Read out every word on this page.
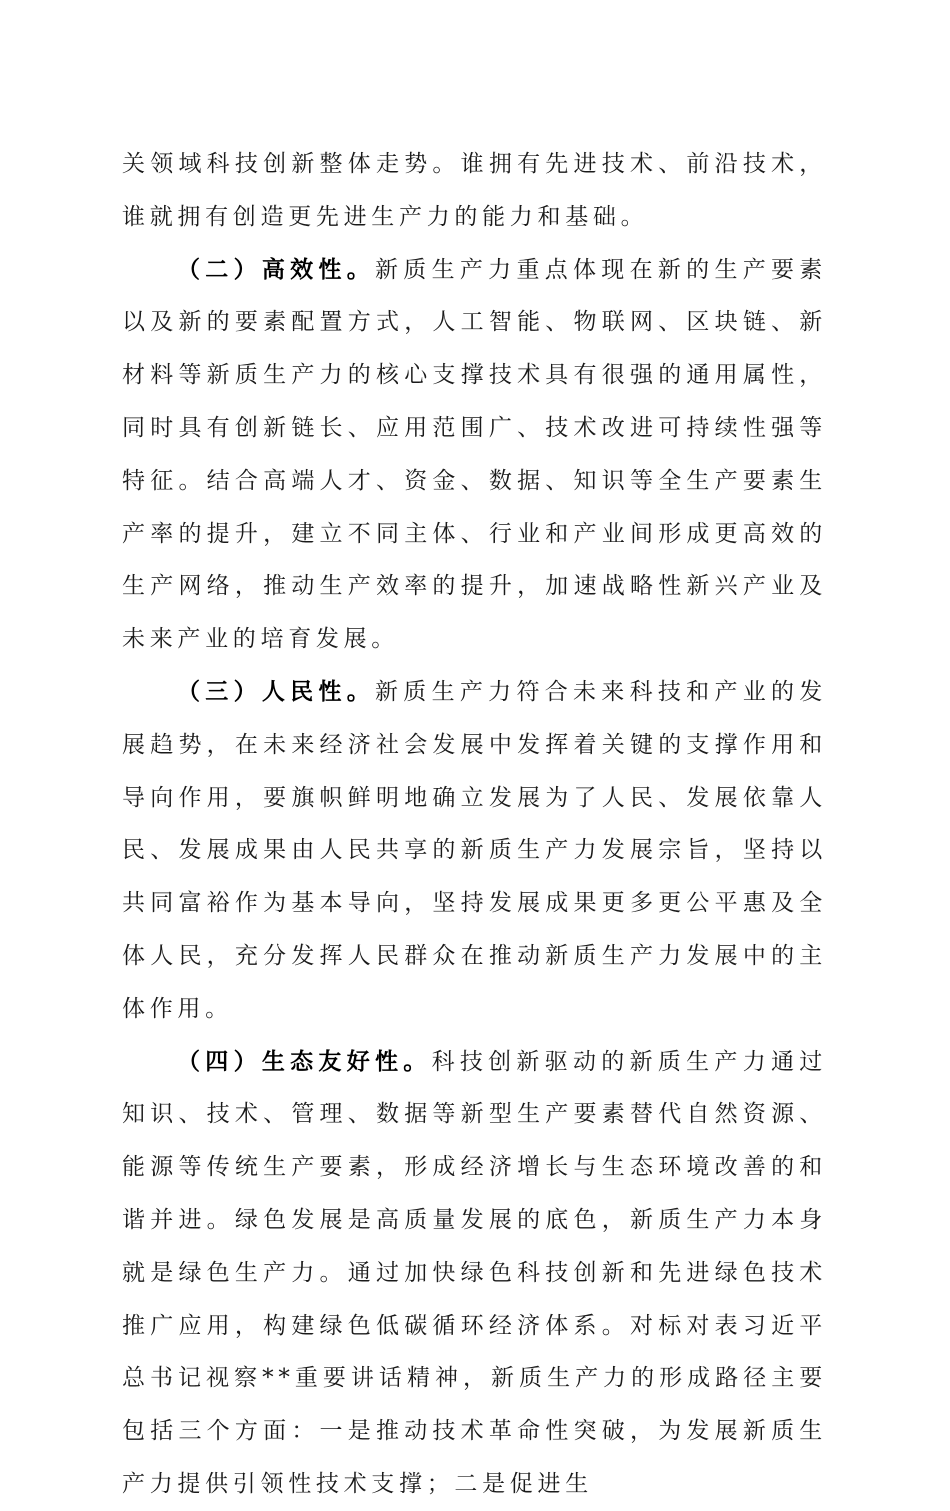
关领域科技创新整体走势。谁拥有先进技术、前沿技术，谁就拥有创造更先进生产力的能力和基础。

（二）高效性。新质生产力重点体现在新的生产要素以及新的要素配置方式，人工智能、物联网、区块链、新材料等新质生产力的核心支撑技术具有很强的通用属性，同时具有创新链长、应用范围广、技术改进可持续性强等特征。结合高端人才、资金、数据、知识等全生产要素生产率的提升，建立不同主体、行业和产业间形成更高效的生产网络，推动生产效率的提升，加速战略性新兴产业及未来产业的培育发展。

（三）人民性。新质生产力符合未来科技和产业的发展趋势，在未来经济社会发展中发挥着关键的支撑作用和导向作用，要旗帜鲜明地确立发展为了人民、发展依靠人民、发展成果由人民共享的新质生产力发展宗旨，坚持以共同富裕作为基本导向，坚持发展成果更多更公平惠及全体人民，充分发挥人民群众在推动新质生产力发展中的主体作用。

（四）生态友好性。科技创新驱动的新质生产力通过知识、技术、管理、数据等新型生产要素替代自然资源、能源等传统生产要素，形成经济增长与生态环境改善的和谐并进。绿色发展是高质量发展的底色，新质生产力本身就是绿色生产力。通过加快绿色科技创新和先进绿色技术推广应用，构建绿色低碳循环经济体系。对标对表习近平总书记视察**重要讲话精神，新质生产力的形成路径主要包括三个方面：一是推动技术革命性突破，为发展新质生产力提供引领性技术支撑；二是促进生
